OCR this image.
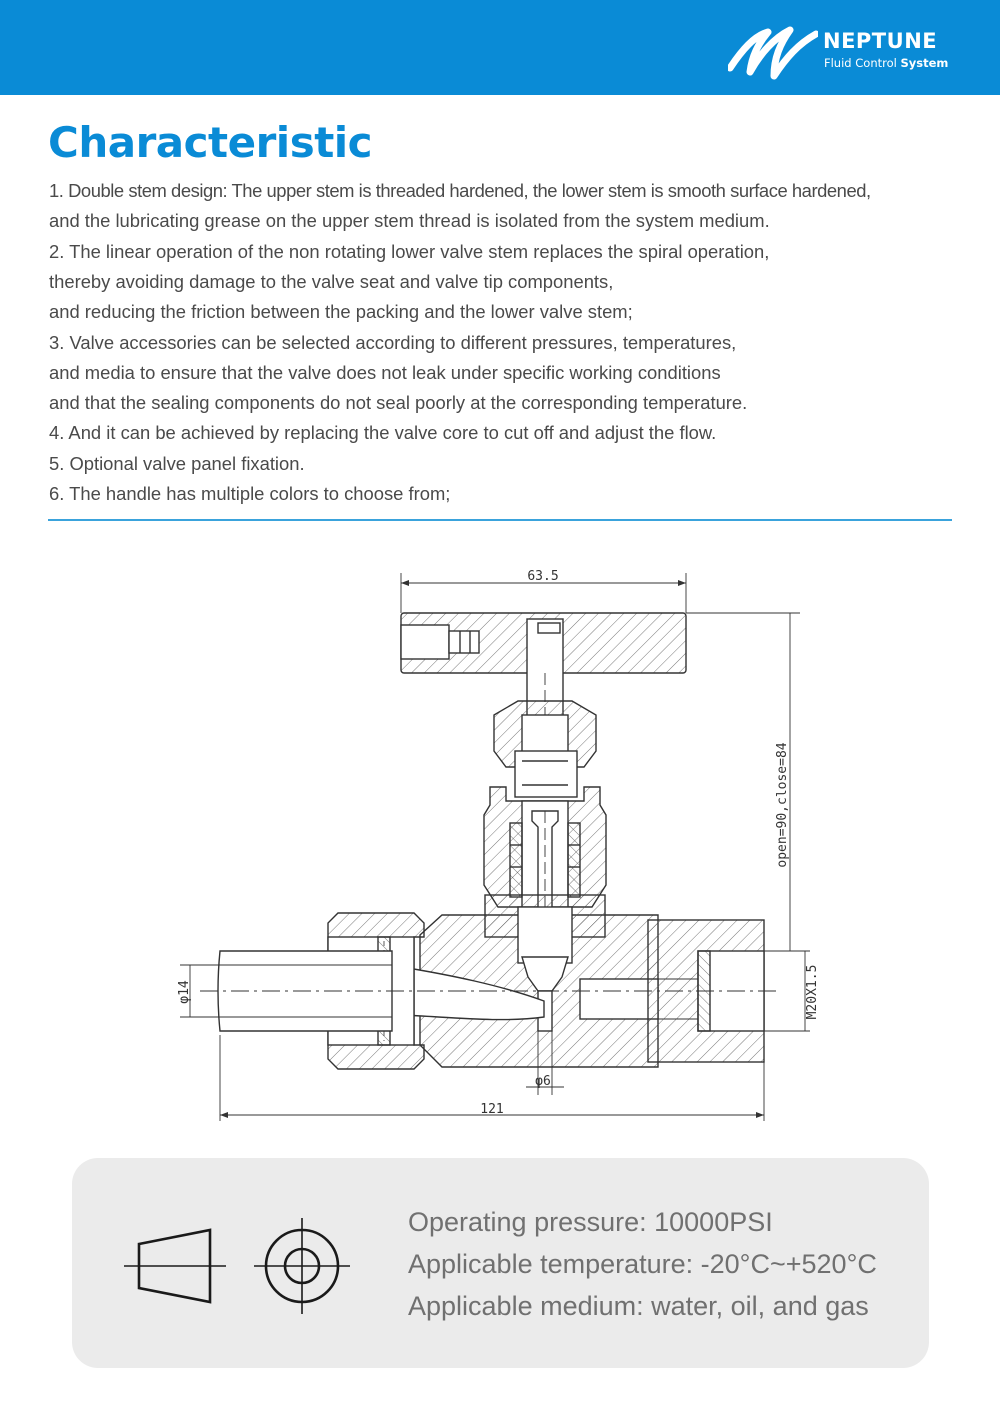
NEPTUNE
Fluid Control System
Characteristic
1. Double stem design: The upper stem is threaded hardened, the lower stem is smooth surface hardened,
and the lubricating grease on the upper stem thread is isolated from the system medium.
2. The linear operation of the non rotating lower valve stem replaces the spiral operation,
thereby avoiding damage to the valve seat and valve tip components,
and reducing the friction between the packing and the lower valve stem;
3. Valve accessories can be selected according to different pressures, temperatures,
and media to ensure that the valve does not leak under specific working conditions
and that the sealing components do not seal poorly at the corresponding temperature.
4. And it can be achieved by replacing the valve core to cut off and adjust the flow.
5. Optional valve panel fixation.
6. The handle has multiple colors to choose from;
63.5
open=90,close=84
φ14	M20X1.5
φ6
121
Operating pressure: 10000PSI
Applicable temperature: -20°C~+520°C
Applicable medium: water, oil, and gas
